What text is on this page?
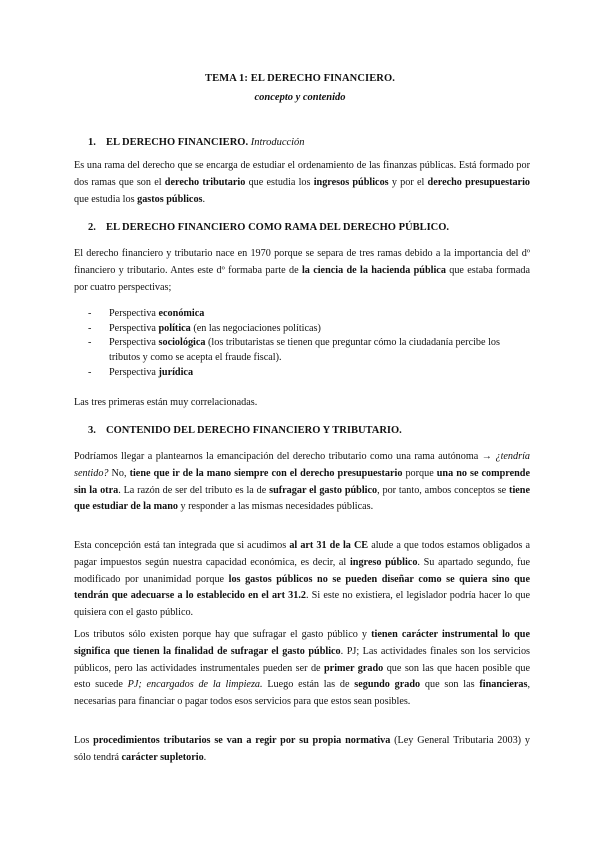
TEMA 1: EL DERECHO FINANCIERO.
concepto y contenido
1. EL DERECHO FINANCIERO. Introducción
Es una rama del derecho que se encarga de estudiar el ordenamiento de las finanzas públicas. Está formado por dos ramas que son el derecho tributario que estudia los ingresos públicos y por el derecho presupuestario que estudia los gastos públicos.
2. EL DERECHO FINANCIERO COMO RAMA DEL DERECHO PÚBLICO.
El derecho financiero y tributario nace en 1970 porque se separa de tres ramas debido a la importancia del dº financiero y tributario. Antes este dº formaba parte de la ciencia de la hacienda pública que estaba formada por cuatro perspectivas;
- Perspectiva económica
- Perspectiva política (en las negociaciones políticas)
- Perspectiva sociológica (los tributaristas se tienen que preguntar cómo la ciudadanía percibe los tributos y como se acepta el fraude fiscal).
- Perspectiva jurídica
Las tres primeras están muy correlacionadas.
3. CONTENIDO DEL DERECHO FINANCIERO Y TRIBUTARIO.
Podríamos llegar a plantearnos la emancipación del derecho tributario como una rama autónoma → ¿tendría sentido? No, tiene que ir de la mano siempre con el derecho presupuestario porque una no se comprende sin la otra. La razón de ser del tributo es la de sufragar el gasto público, por tanto, ambos conceptos se tiene que estudiar de la mano y responder a las mismas necesidades públicas.
Esta concepción está tan integrada que si acudimos al art 31 de la CE alude a que todos estamos obligados a pagar impuestos según nuestra capacidad económica, es decir, al ingreso público. Su apartado segundo, fue modificado por unanimidad porque los gastos públicos no se pueden diseñar como se quiera sino que tendrán que adecuarse a lo establecido en el art 31.2. Si este no existiera, el legislador podría hacer lo que quisiera con el gasto público.
Los tributos sólo existen porque hay que sufragar el gasto público y tienen carácter instrumental lo que significa que tienen la finalidad de sufragar el gasto público. PJ; Las actividades finales son los servicios públicos, pero las actividades instrumentales pueden ser de primer grado que son las que hacen posible que esto sucede PJ; encargados de la limpieza. Luego están las de segundo grado que son las financieras, necesarias para financiar o pagar todos esos servicios para que estos sean posibles.
Los procedimientos tributarios se van a regir por su propia normativa (Ley General Tributaria 2003) y sólo tendrá carácter supletorio.
